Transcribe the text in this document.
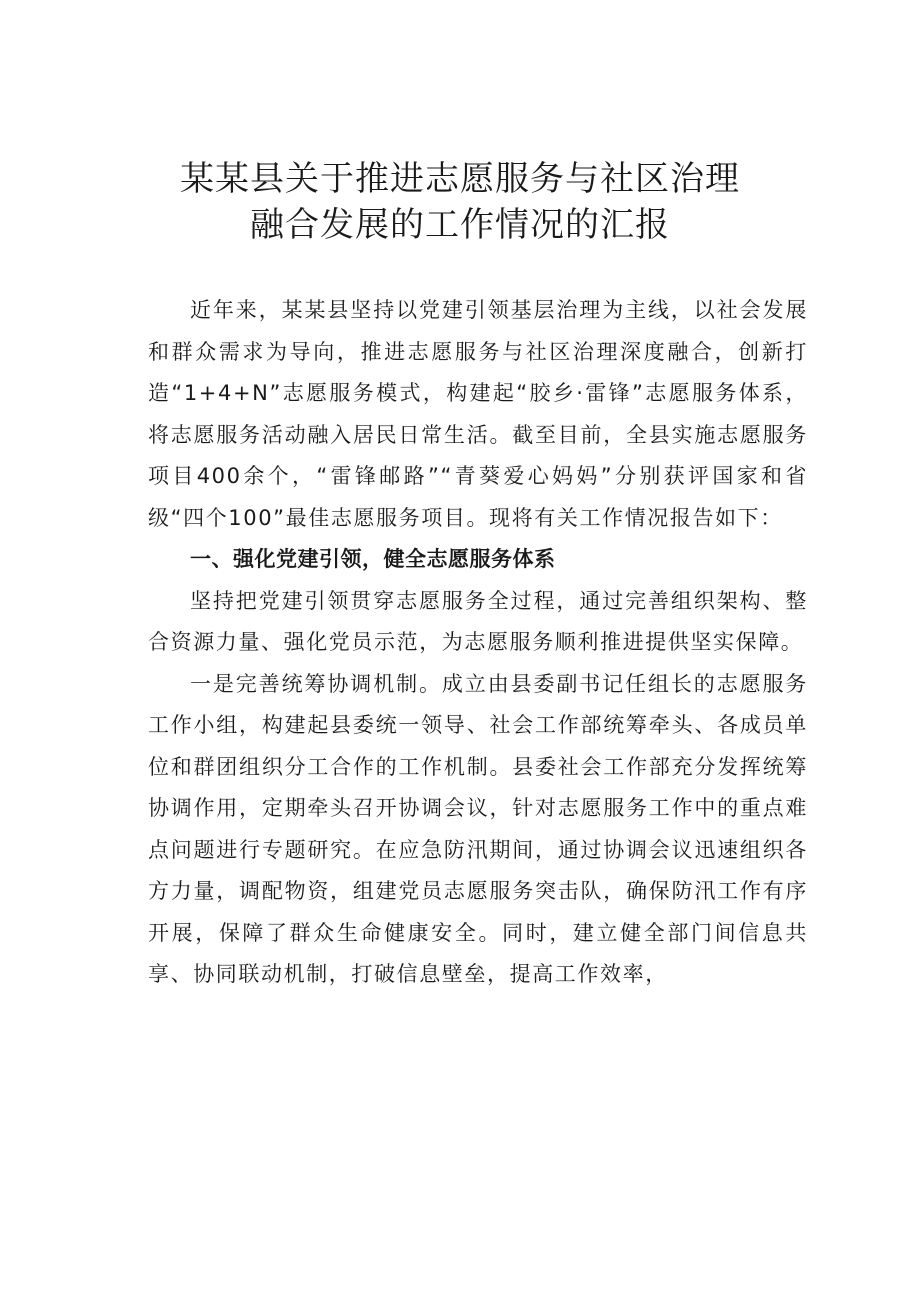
某某县关于推进志愿服务与社区治理
融合发展的工作情况的汇报

近年来，某某县坚持以党建引领基层治理为主线，以社会发展和群众需求为导向，推进志愿服务与社区治理深度融合，创新打造“1+4+N”志愿服务模式，构建起“胶乡·雷锋”志愿服务体系，将志愿服务活动融入居民日常生活。截至目前，全县实施志愿服务项目400余个，“雷锋邮路”“青葵爱心妈妈”分别获评国家和省级“四个100”最佳志愿服务项目。现将有关工作情况报告如下：

一、强化党建引领，健全志愿服务体系

坚持把党建引领贯穿志愿服务全过程，通过完善组织架构、整合资源力量、强化党员示范，为志愿服务顺利推进提供坚实保障。

一是完善统筹协调机制。成立由县委副书记任组长的志愿服务工作小组，构建起县委统一领导、社会工作部统筹牵头、各成员单位和群团组织分工合作的工作机制。县委社会工作部充分发挥统筹协调作用，定期牵头召开协调会议，针对志愿服务工作中的重点难点问题进行专题研究。在应急防汛期间，通过协调会议迅速组织各方力量，调配物资，组建党员志愿服务突击队，确保防汛工作有序开展，保障了群众生命健康安全。同时，建立健全部门间信息共享、协同联动机制，打破信息壁垒，提高工作效率，
